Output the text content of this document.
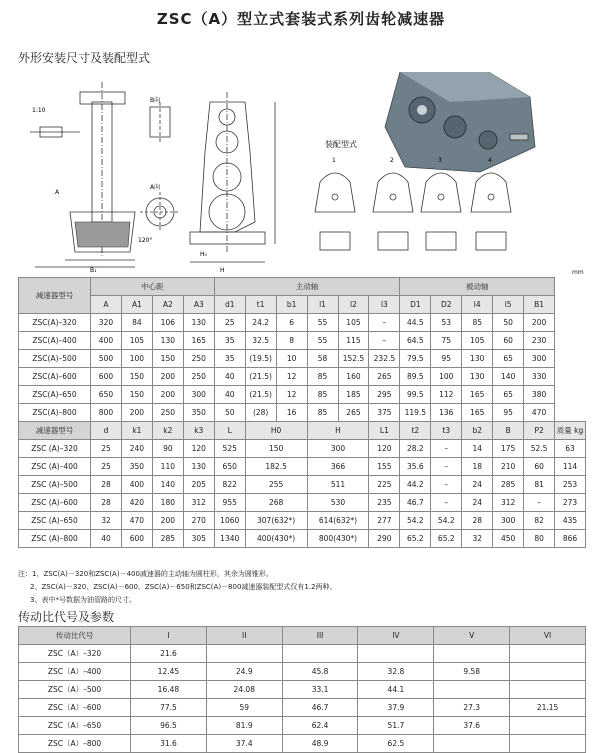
ZSC（A）型立式套装式系列齿轮减速器
外形安装尺寸及装配型式
A
1:10
B₁
B向
A向
120°
H
H₀
装配型式
1	2	3	4
mm
减速器型号	中心距				主动轴						被动轴					
	A	A1	A2	A3	d1	t1	b1	l1	l2	l3	D1	D2	l4	l5	B1	
ZSC(A)–320	320	84	106	130	25	24.2	6	55	105	–	44.5	53	85	50	200	
ZSC(A)–400	400	105	130	165	35	32.5	8	55	115	–	64.5	75	105	60	230	
ZSC(A)–500	500	100	150	250	35	(19.5)	10	58	152.5	232.5	79.5	95	130	65	300	
ZSC(A)–600	600	150	200	250	40	(21.5)	12	85	160	265	89.5	100	130	140	330	
ZSC(A)–650	650	150	200	300	40	(21.5)	12	85	185	295	99.5	112	165	65	380	
ZSC(A)–800	800	200	250	350	50	(28)	16	85	265	375	119.5	136	165	95	470	
减速器型号	d	k1	k2	k3	L	H0		H		L1	t2	t3	b2	B	P2	质量 kg
ZSC (A)–320	25	240	90	120	525	150		300		120	28.2	–	14	175	52.5	63
ZSC (A)–400	25	350	110	130	650	182.5		366		155	35.6	–	18	210	60	114
ZSC (A)–500	28	400	140	205	822	255		511		225	44.2	–	24	285	81	253
ZSC (A)–600	28	420	180	312	955	268		530		235	46.7	–	24	312	–	273
ZSC (A)–650	32	470	200	270	1060	307(632*)		614(632*)		277	54.2	54.2	28	300	82	435
ZSC (A)–800	40	600	285	305	1340	400(430*)		800(430*)		290	65.2	65.2	32	450	80	866
注：1、ZSC(A)－320和ZSC(A)－400减速器的主动轴为圆柱形，其余为圆锥形。
2、ZSC(A)－320、ZSC(A)－600、ZSC(A)－650和ZSC(A)－800减速器装配型式仅有1.2两种。
3、表中*号数据为油管路的尺寸。
传动比代号及参数
传动比代号	I	II	III	IV	V	VI
ZSC（A）–320	21.6					
ZSC（A）–400	12.45	24.9	45.8	32.8	9.58	
ZSC（A）–500	16.48	24.08	33.1	44.1		
ZSC（A）–600	77.5	59	46.7	37.9	27.3	21.15
ZSC（A）–650	96.5	81.9	62.4	51.7	37.6	
ZSC（A）–800	31.6	37.4	48.9	62.5		
